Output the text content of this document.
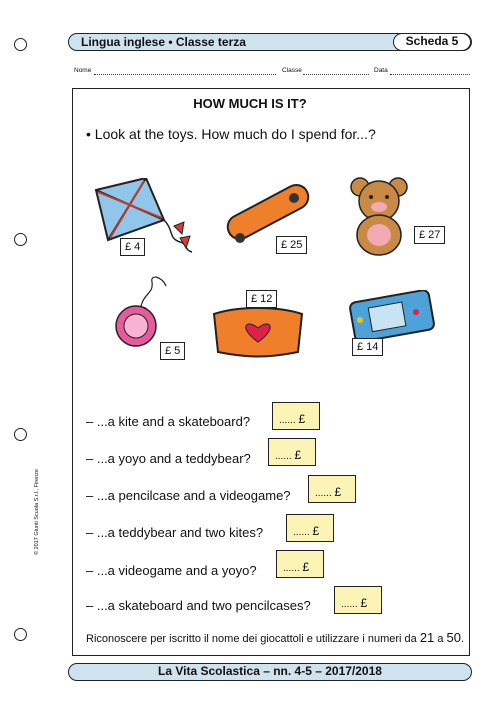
Lingua inglese • Classe terza	Scheda 5
Nome	Classe	Data
HOW MUCH IS IT?
• Look at the toys. How much do I spend for...?
£ 4	£ 25
£ 27
£ 5
£ 12
£ 14
– ...a kite and a skateboard?	...... £
– ...a yoyo and a teddybear?	...... £
– ...a pencilcase and a videogame?	...... £
– ...a teddybear and two kites?	...... £
– ...a videogame and a yoyo?	...... £
– ...a skateboard and two pencilcases?	...... £
Riconoscere per iscritto il nome dei giocattoli e utilizzare i numeri da 21 a 50.
La Vita Scolastica – nn. 4-5 – 2017/2018
© 2017 Giunti Scuola S.r.l., Firenze
